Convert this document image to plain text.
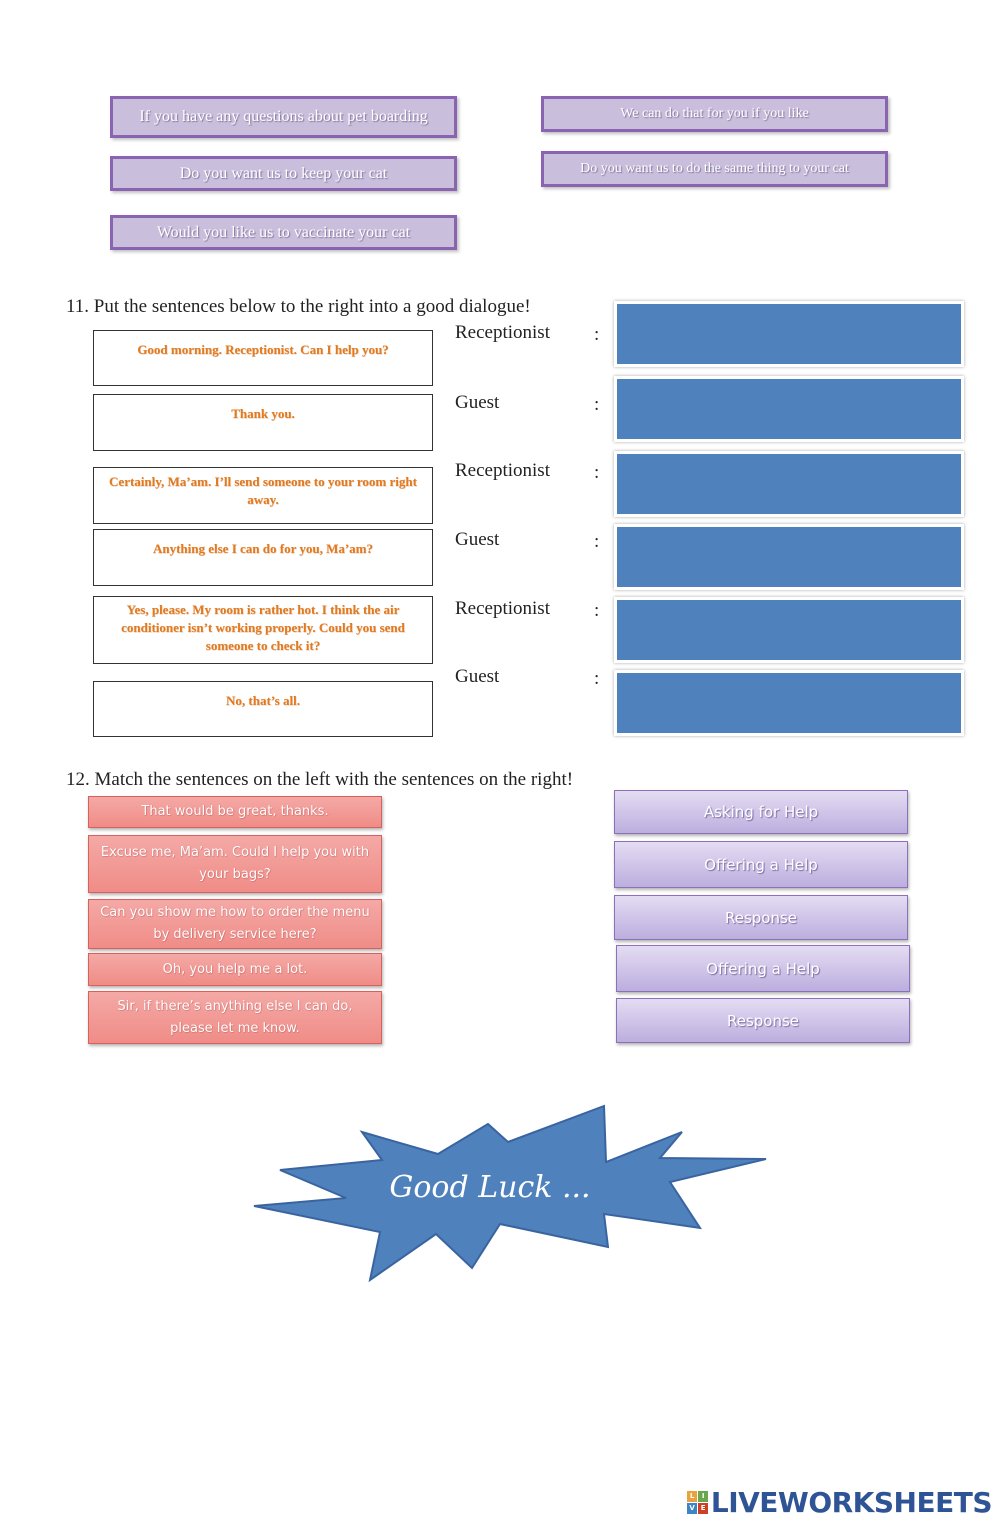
If you have any questions about pet boarding
Do you want us to keep your cat
Would you like us to vaccinate your cat
We can do that for you if you like
Do you want us to do the same thing to your cat
11. Put the sentences below to the right into a good dialogue!
Good morning. Receptionist. Can I help you?
Thank you.
Certainly, Ma’am. I’ll send someone to your room right away.
Anything else I can do for you, Ma’am?
Yes, please. My room is rather hot. I think the air conditioner isn’t working properly. Could you send someone to check it?
No, that’s all.
Receptionist
Guest
Receptionist
Guest
Receptionist
Guest
:
:
:
:
:
:
12. Match the sentences on the left with the sentences on the right!
That would be great, thanks.
Excuse me, Ma’am. Could I help you with your bags?
Can you show me how to order the menu by delivery service here?
Oh, you help me a lot.
Sir, if there’s anything else I can do, please let me know.
Asking for Help
Offering a Help
Response
Offering a Help
Response
Good Luck ...
L	I
V E LIVEWORKSHEETS
